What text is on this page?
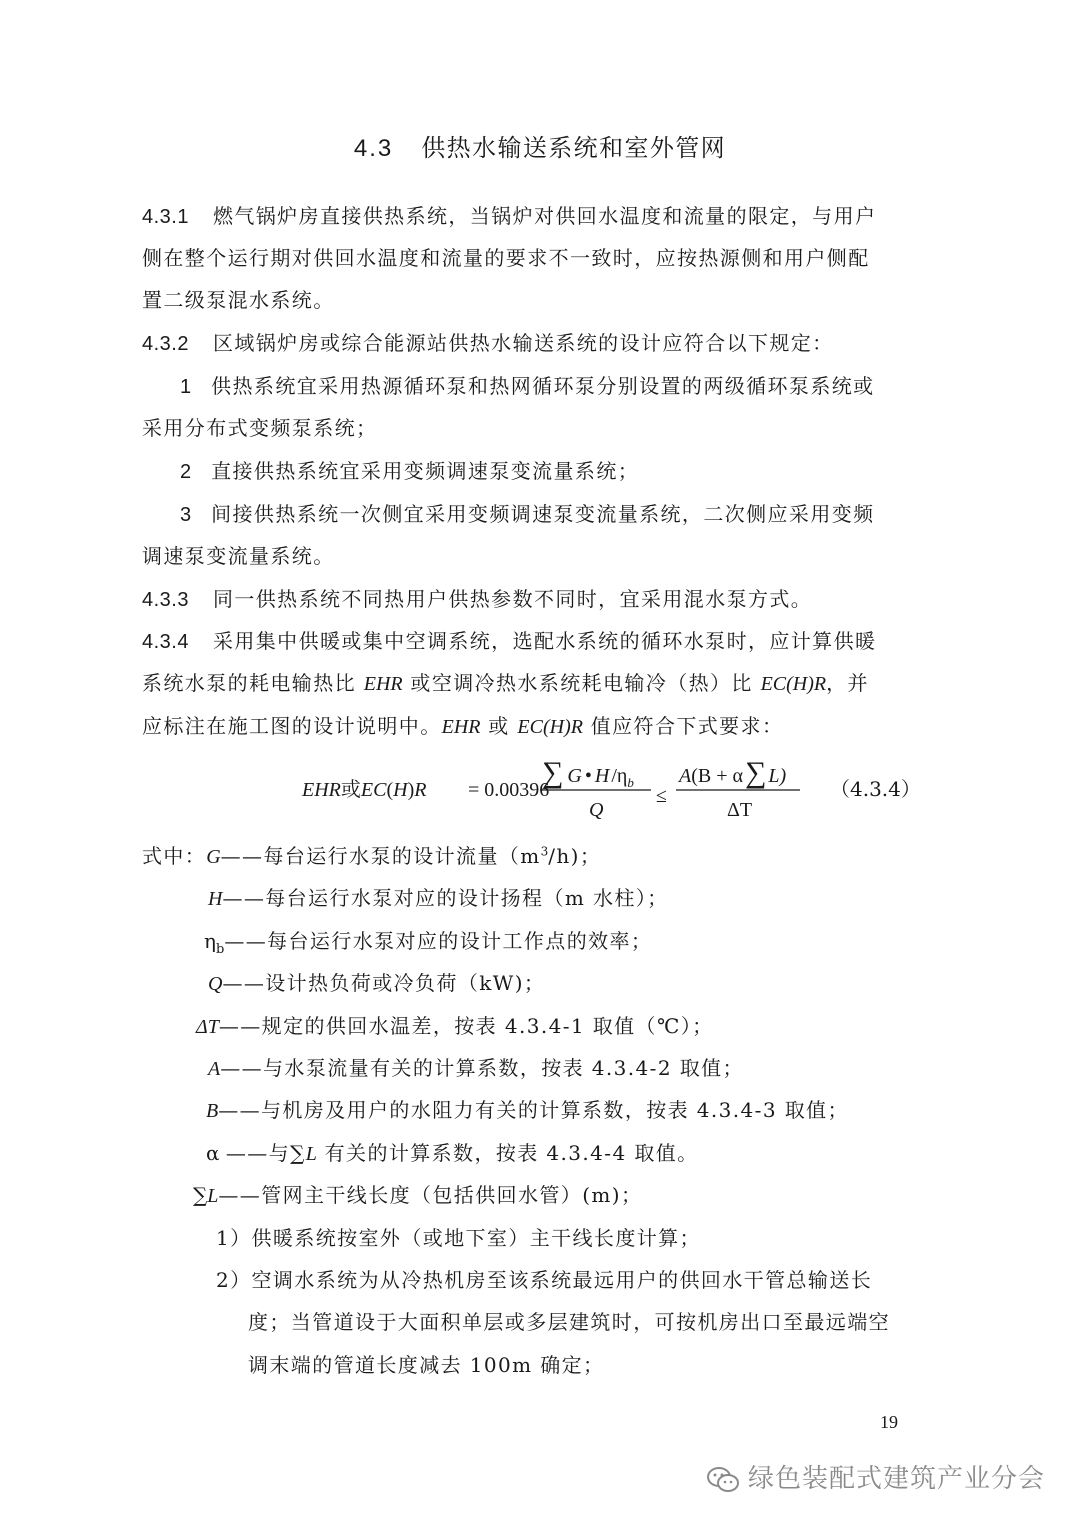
4.3 供热水输送系统和室外管网
4.3.1 燃气锅炉房直接供热系统，当锅炉对供回水温度和流量的限定，与用户
侧在整个运行期对供回水温度和流量的要求不一致时，应按热源侧和用户侧配
置二级泵混水系统。
4.3.2 区域锅炉房或综合能源站供热水输送系统的设计应符合以下规定：
1 供热系统宜采用热源循环泵和热网循环泵分别设置的两级循环泵系统或
采用分布式变频泵系统；
2 直接供热系统宜采用变频调速泵变流量系统；
3 间接供热系统一次侧宜采用变频调速泵变流量系统，二次侧应采用变频
调速泵变流量系统。
4.3.3 同一供热系统不同热用户供热参数不同时，宜采用混水泵方式。
4.3.4 采用集中供暖或集中空调系统，选配水系统的循环水泵时，应计算供暖
系统水泵的耗电输热比 EHR 或空调冷热水系统耗电输冷（热）比 EC(H)R，并
应标注在施工图的设计说明中。EHR 或 EC(H)R 值应符合下式要求：
EHR或EC(H)R = 0.00396
∑ G • H $/\eta_b$
Q
≤
A(B + α∑ L)
ΔT
（4.3.4）
式中：G——每台运行水泵的设计流量$(m^3/h)$；
H——每台运行水泵对应的设计扬程（m 水柱）；
$\eta_b——$每台运行水泵对应的设计工作点的效率；
Q——设计热负荷或冷负荷（kW)；
ΔT——规定的供回水温差，按表 4.3.4-1 取值（℃）；
A——与水泵流量有关的计算系数，按表 4.3.4-2 取值；
B——与机房及用户的水阻力有关的计算系数，按表 4.3.4-3 取值；
α ——与∑L 有关的计算系数，按表 4.3.4-4 取值。
∑L——管网主干线长度（包括供回水管）(m)；
1）供暖系统按室外（或地下室）主干线长度计算；
2）空调水系统为从冷热机房至该系统最远用户的供回水干管总输送长
度；当管道设于大面积单层或多层建筑时，可按机房出口至最远端空
调末端的管道长度减去 100m 确定；
19
绿色装配式建筑产业分会
